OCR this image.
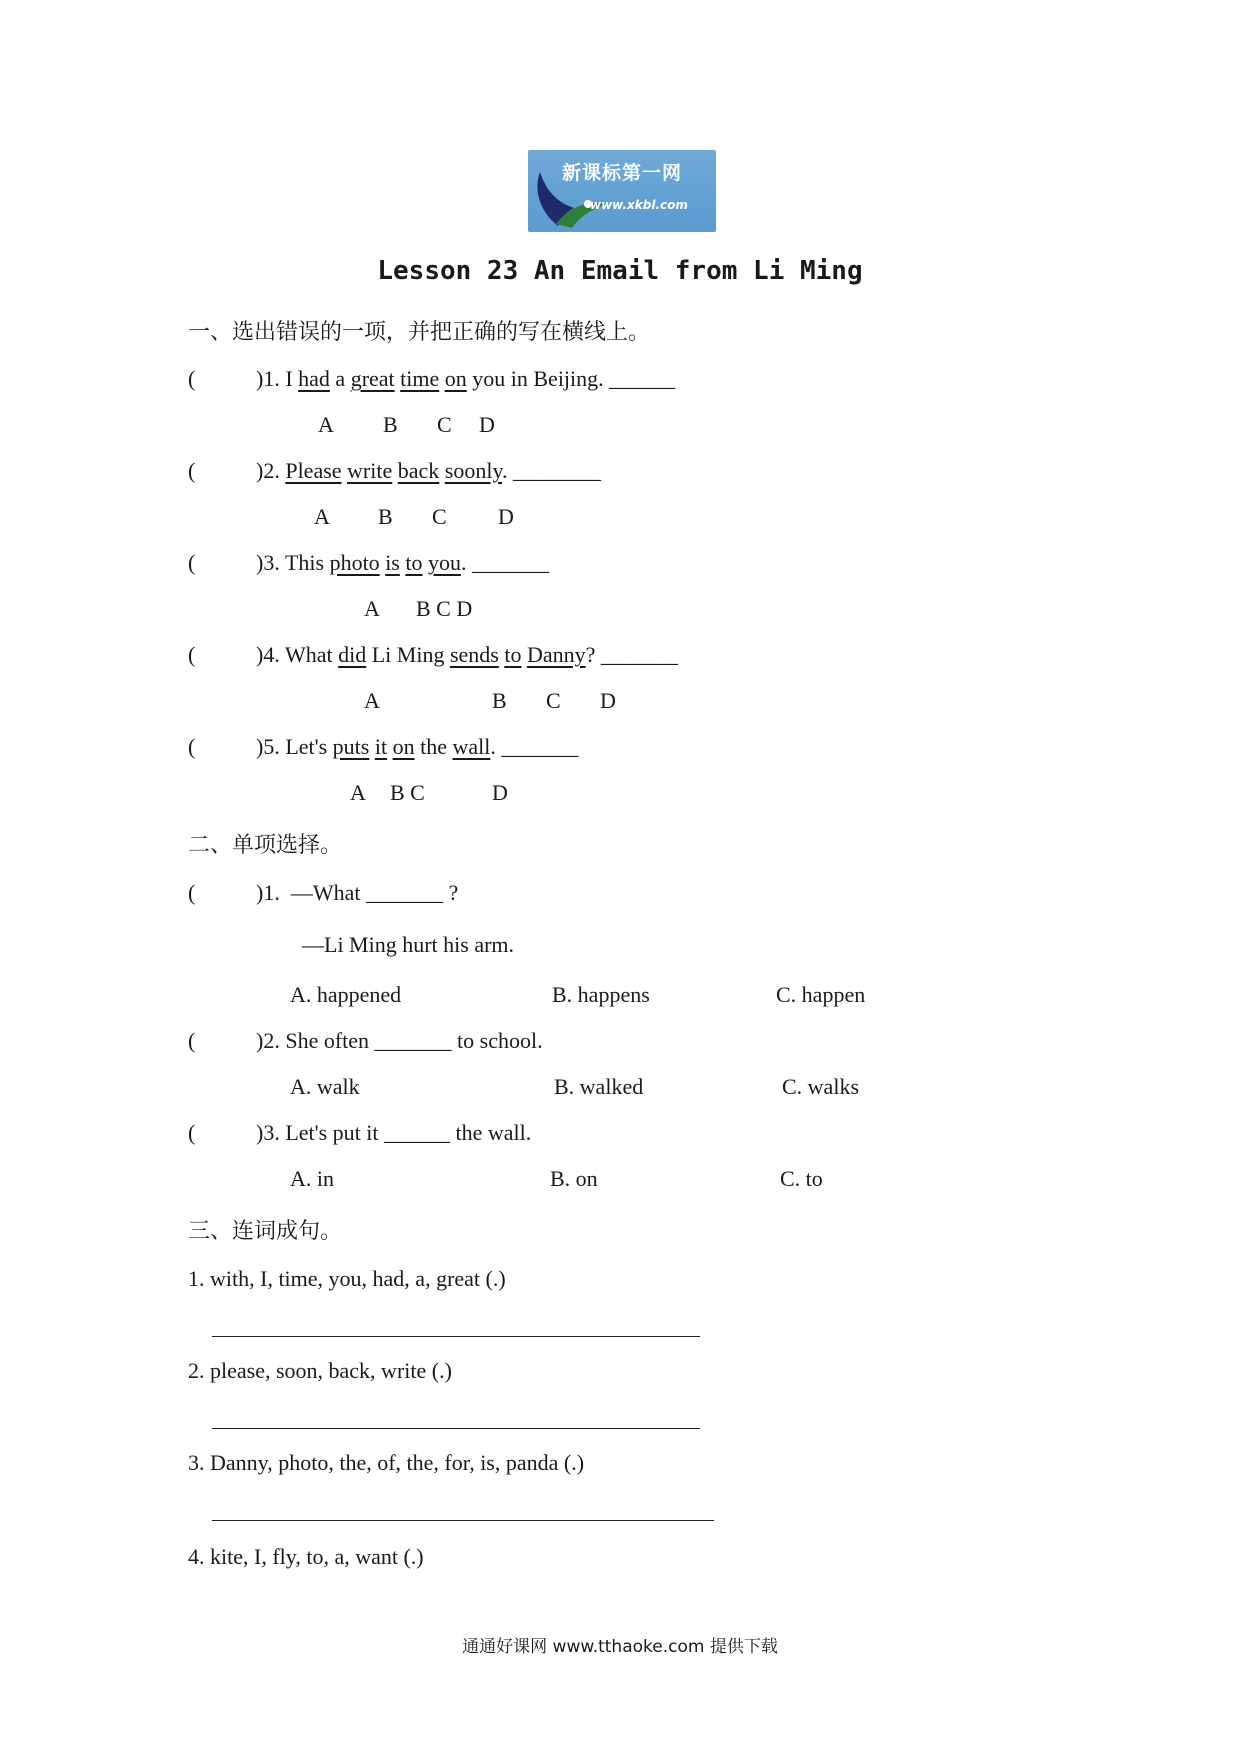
新课标第一网
www.xkbl.com
Lesson 23 An Email from Li Ming
一、选出错误的一项，并把正确的写在横线上。
(	)1. I had a great time on you in Beijing. ______
A B C D
(	)2. Please write back soonly. ________
A B C D
(	)3. This photo is to you. _______
A B C D
(	)4. What did Li Ming sends to Danny? _______
A	B C D
(	)5. Let's puts it on the wall. _______
A B C	D
二、单项选择。
(	)1. —What _______ ?
—Li Ming hurt his arm.
A. happened	B. happens	C. happen
(	)2. She often _______ to school.
A. walk	B. walked	C. walks
(	)3. Let's put it ______ the wall.
A. in	B. on	C. to
三、连词成句。
1. with, I, time, you, had, a, great (.)
2. please, soon, back, write (.)
3. Danny, photo, the, of, the, for, is, panda (.)
4. kite, I, fly, to, a, want (.)
通通好课网 www.tthaoke.com 提供下载
